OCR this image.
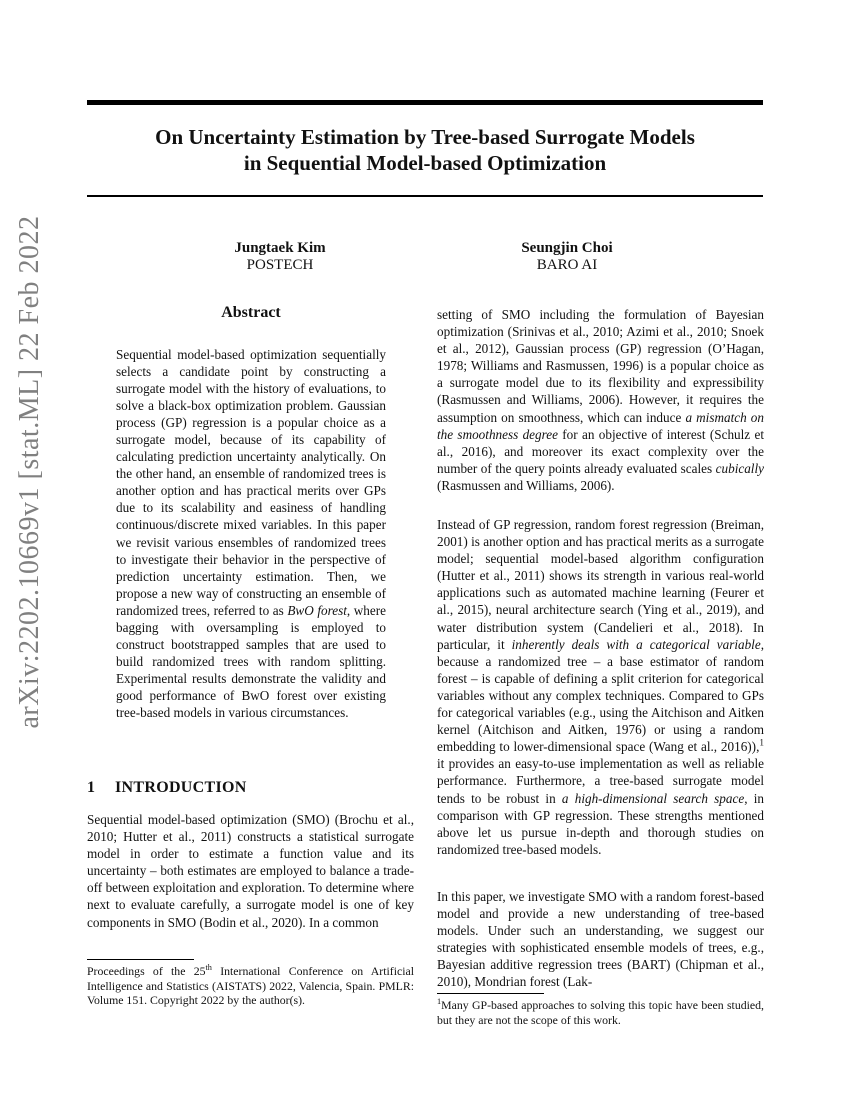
On Uncertainty Estimation by Tree-based Surrogate Models
in Sequential Model-based Optimization
Jungtaek Kim
POSTECH
Seungjin Choi
BARO AI
arXiv:2202.10669v1 [stat.ML] 22 Feb 2022	Abstract

Sequential model-based optimization sequentially selects a candidate point by constructing a surrogate model with the history of evaluations, to solve a black-box optimization problem. Gaussian process (GP) regression is a popular choice as a surrogate model, because of its capability of calculating prediction uncertainty analytically. On the other hand, an ensemble of randomized trees is another option and has practical merits over GPs due to its scalability and easiness of handling continuous/discrete mixed variables. In this paper we revisit various ensembles of randomized trees to investigate their behavior in the perspective of prediction uncertainty estimation. Then, we propose a new way of constructing an ensemble of randomized trees, referred to as BwO forest, where bagging with oversampling is employed to construct bootstrapped samples that are used to build randomized trees with random splitting. Experimental results demonstrate the validity and good performance of BwO forest over existing tree-based models in various circumstances.

1 INTRODUCTION

Sequential model-based optimization (SMO) (Brochu et al., 2010; Hutter et al., 2011) constructs a statistical surrogate model in order to estimate a function value and its uncertainty – both estimates are employed to balance a trade-off between exploitation and exploration. To determine where next to evaluate carefully, a surrogate model is one of key components in SMO (Bodin et al., 2020). In a common

Proceedings of the 25th International Conference on Artificial Intelligence and Statistics (AISTATS) 2022, Valencia, Spain. PMLR: Volume 151. Copyright 2022 by the author(s).

setting of SMO including the formulation of Bayesian optimization (Srinivas et al., 2010; Azimi et al., 2010; Snoek et al., 2012), Gaussian process (GP) regression (O’Hagan, 1978; Williams and Rasmussen, 1996) is a popular choice as a surrogate model due to its flexibility and expressibility (Rasmussen and Williams, 2006). However, it requires the assumption on smoothness, which can induce a mismatch on the smoothness degree for an objective of interest (Schulz et al., 2016), and moreover its exact complexity over the number of the query points already evaluated scales cubically (Rasmussen and Williams, 2006).

Instead of GP regression, random forest regression (Breiman, 2001) is another option and has practical merits as a surrogate model; sequential model-based algorithm configuration (Hutter et al., 2011) shows its strength in various real-world applications such as automated machine learning (Feurer et al., 2015), neural architecture search (Ying et al., 2019), and water distribution system (Candelieri et al., 2018). In particular, it inherently deals with a categorical variable, because a randomized tree – a base estimator of random forest – is capable of defining a split criterion for categorical variables without any complex techniques. Compared to GPs for categorical variables (e.g., using the Aitchison and Aitken kernel (Aitchison and Aitken, 1976) or using a random embedding to lower-dimensional space (Wang et al., 2016)),$^1$ it provides an easy-to-use implementation as well as reliable performance. Furthermore, a tree-based surrogate model tends to be robust in a high-dimensional search space, in comparison with GP regression. These strengths mentioned above let us pursue in-depth and thorough studies on randomized tree-based models.

In this paper, we investigate SMO with a random forest-based model and provide a new understanding of tree-based models. Under such an understanding, we suggest our strategies with sophisticated ensemble models of trees, e.g., Bayesian additive regression trees (BART) (Chipman et al., 2010), Mondrian forest (Lak-

$^1$Many GP-based approaches to solving this topic have been studied, but they are not the scope of this work.
